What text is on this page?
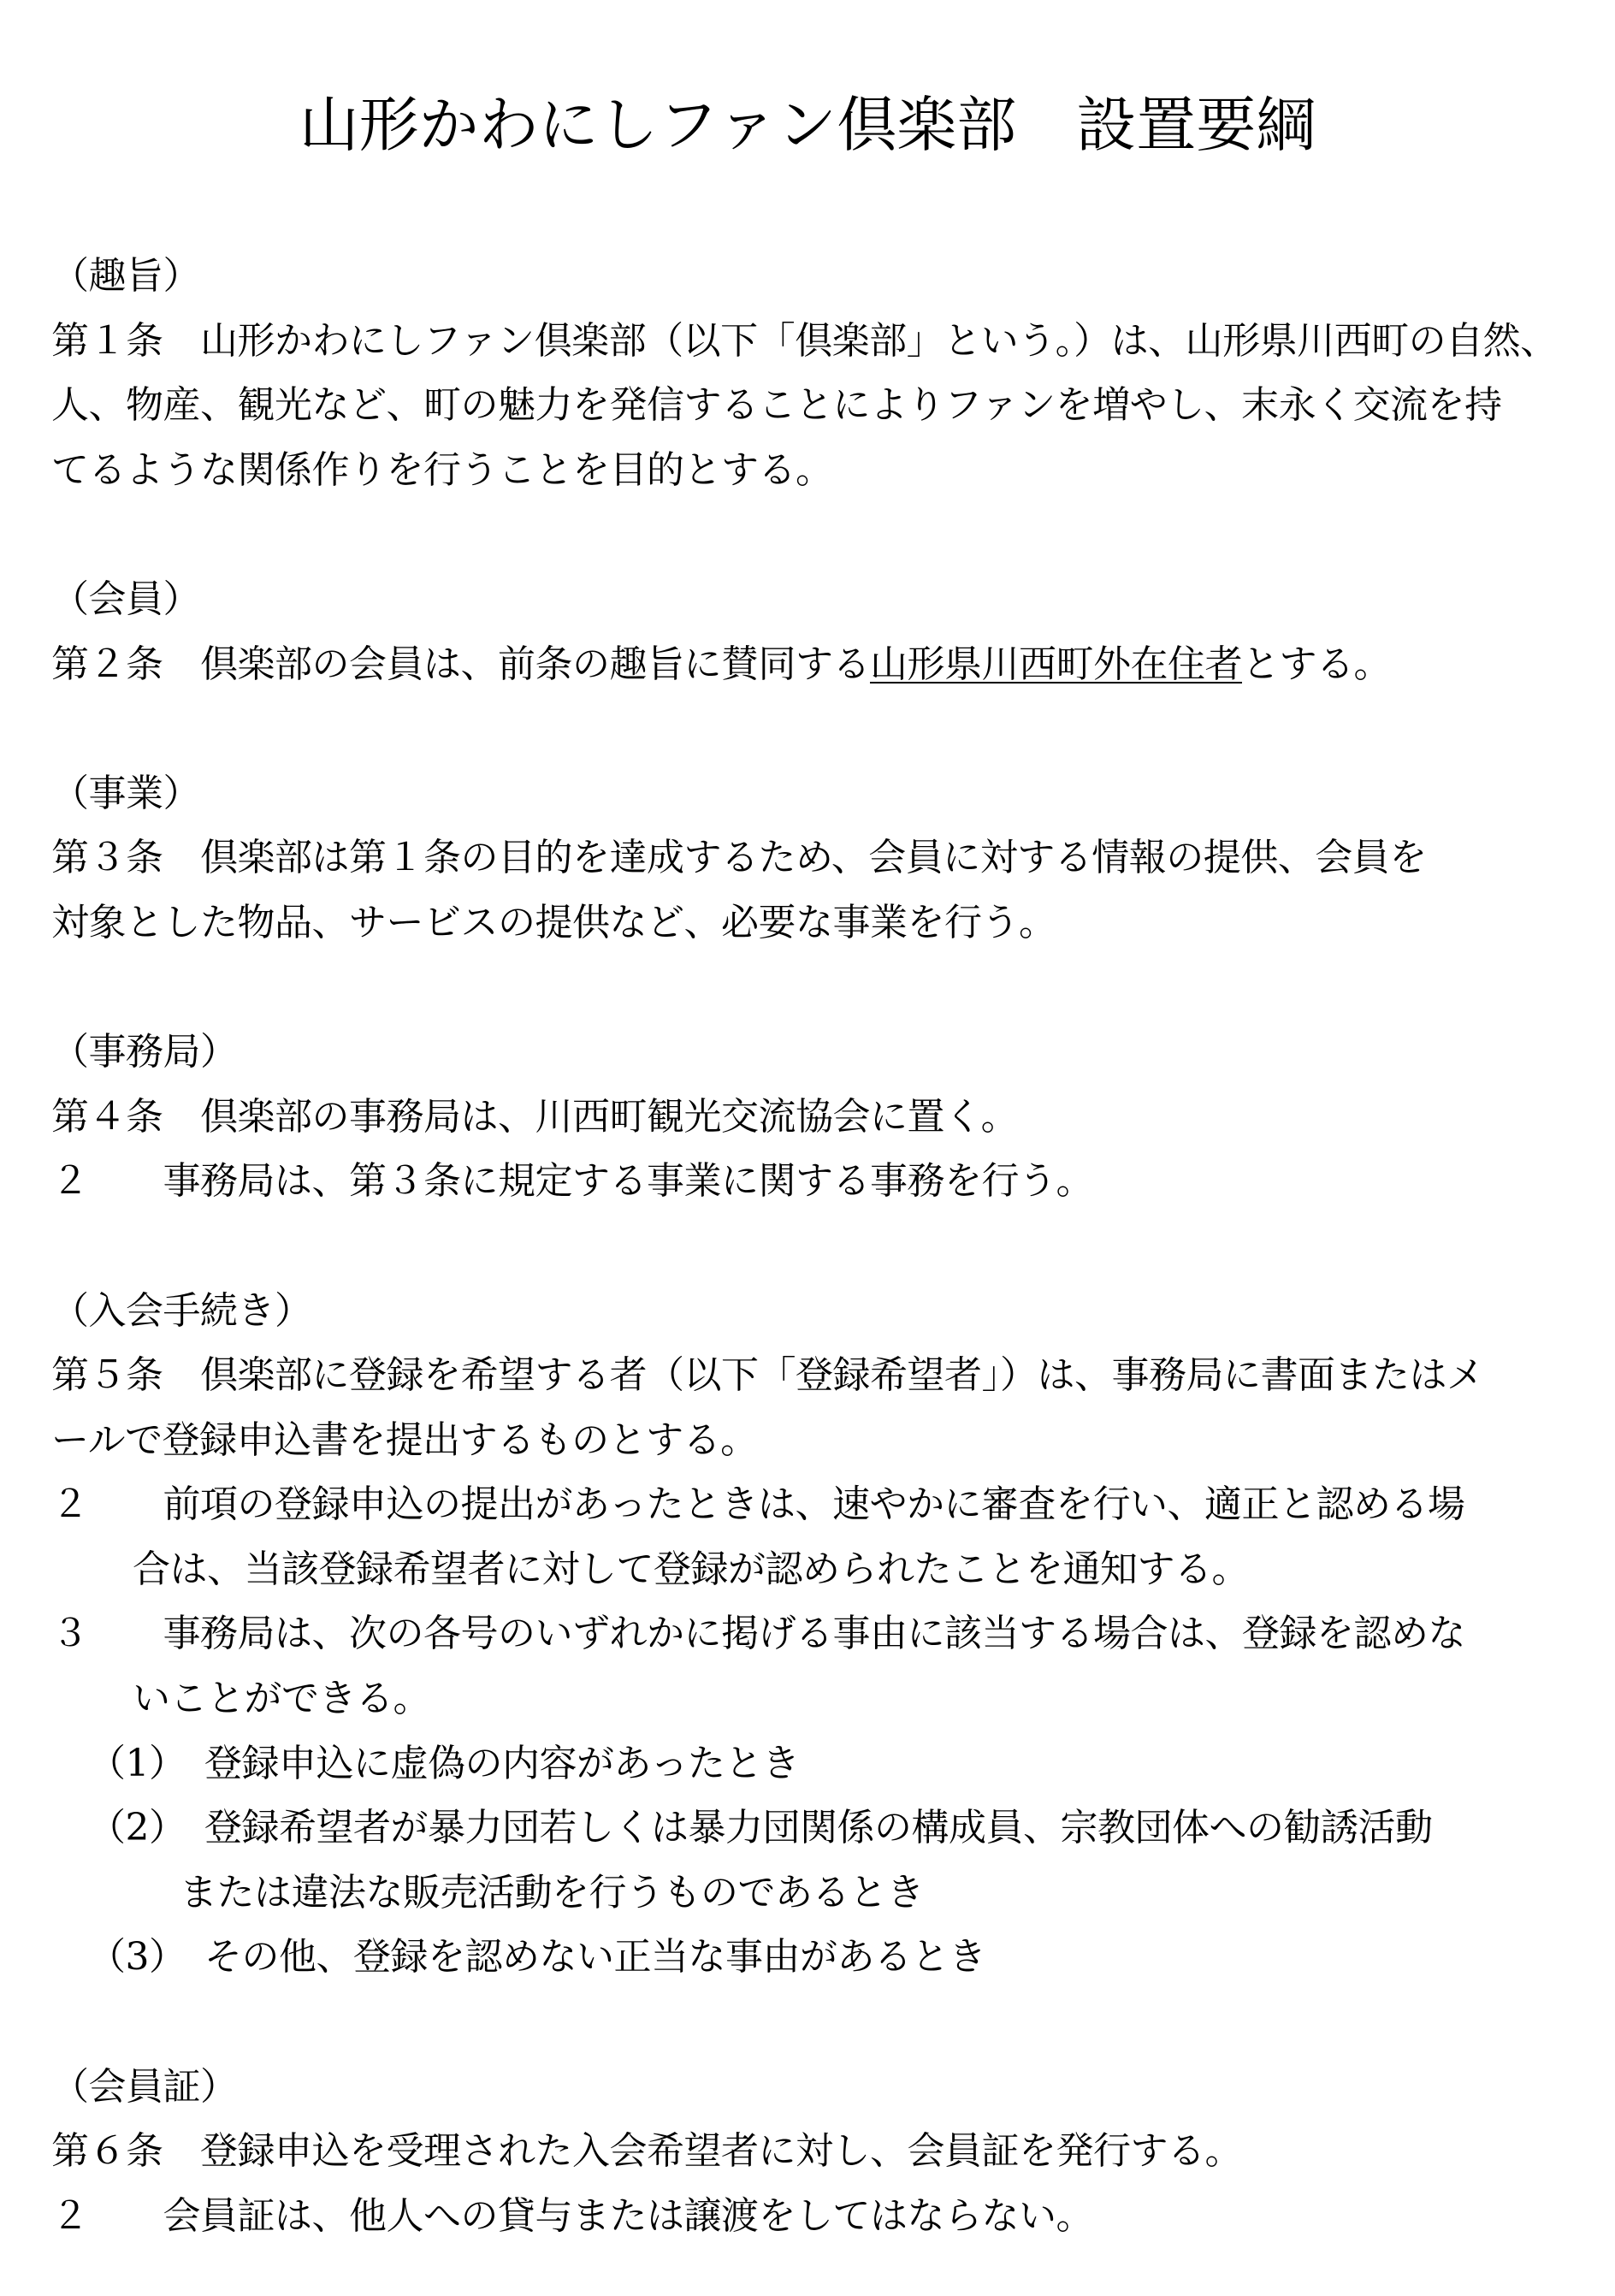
山形かわにしファン倶楽部　設置要綱
（趣旨）
第１条　山形かわにしファン倶楽部（以下「倶楽部」という。）は、山形県川西町の自然、
人、物産、観光など、町の魅力を発信することによりファンを増やし、末永く交流を持
てるような関係作りを行うことを目的とする。
（会員）
第２条　倶楽部の会員は、前条の趣旨に賛同する山形県川西町外在住者とする。
（事業）
第３条　倶楽部は第１条の目的を達成するため、会員に対する情報の提供、会員を
対象とした物品、サービスの提供など、必要な事業を行う。
（事務局）
第４条　倶楽部の事務局は、川西町観光交流協会に置く。
２　　事務局は、第３条に規定する事業に関する事務を行う。
（入会手続き）
第５条　倶楽部に登録を希望する者（以下「登録希望者」）は、事務局に書面またはメ
ールで登録申込書を提出するものとする。
２　　前項の登録申込の提出があったときは、速やかに審査を行い、適正と認める場
合は、当該登録希望者に対して登録が認められたことを通知する。
３　　事務局は、次の各号のいずれかに掲げる事由に該当する場合は、登録を認めな
いことができる。
（1）　登録申込に虚偽の内容があったとき
（2）　登録希望者が暴力団若しくは暴力団関係の構成員、宗教団体への勧誘活動
または違法な販売活動を行うものであるとき
（3）　その他、登録を認めない正当な事由があるとき
（会員証）
第６条　登録申込を受理された入会希望者に対し、会員証を発行する。
２　　会員証は、他人への貸与または譲渡をしてはならない。
